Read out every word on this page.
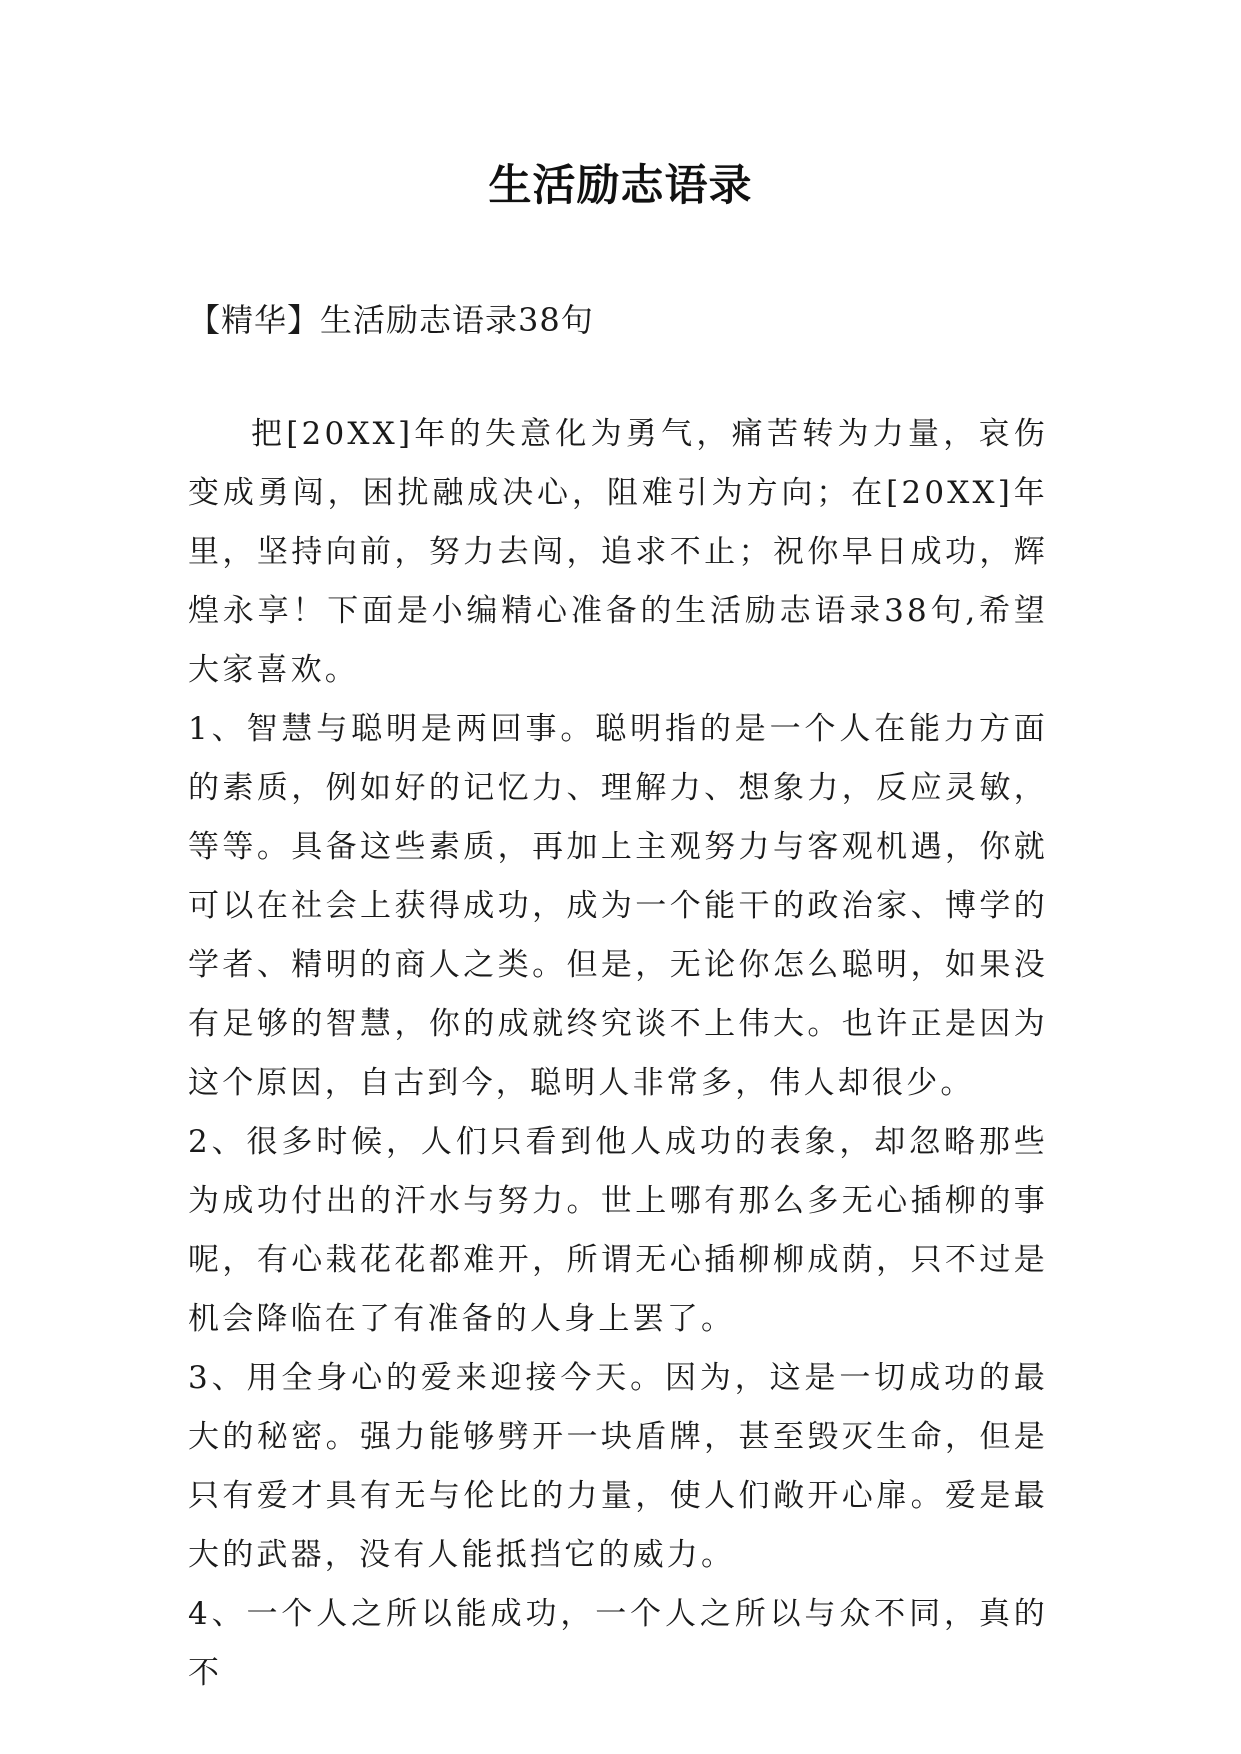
生活励志语录

【精华】生活励志语录38句

把[20XX]年的失意化为勇气，痛苦转为力量，哀伤变成勇闯，困扰融成决心，阻难引为方向；在[20XX]年里，坚持向前，努力去闯，追求不止；祝你早日成功，辉煌永享！下面是小编精心准备的生活励志语录38句,希望大家喜欢。

1、智慧与聪明是两回事。聪明指的是一个人在能力方面的素质，例如好的记忆力、理解力、想象力，反应灵敏，等等。具备这些素质，再加上主观努力与客观机遇，你就可以在社会上获得成功，成为一个能干的政治家、博学的学者、精明的商人之类。但是，无论你怎么聪明，如果没有足够的智慧，你的成就终究谈不上伟大。也许正是因为这个原因，自古到今，聪明人非常多，伟人却很少。

2、很多时候，人们只看到他人成功的表象，却忽略那些为成功付出的汗水与努力。世上哪有那么多无心插柳的事呢，有心栽花花都难开，所谓无心插柳柳成荫，只不过是机会降临在了有准备的人身上罢了。

3、用全身心的爱来迎接今天。因为，这是一切成功的最大的秘密。强力能够劈开一块盾牌，甚至毁灭生命，但是只有爱才具有无与伦比的力量，使人们敞开心扉。爱是最大的武器，没有人能抵挡它的威力。

4、一个人之所以能成功，一个人之所以与众不同，真的不
